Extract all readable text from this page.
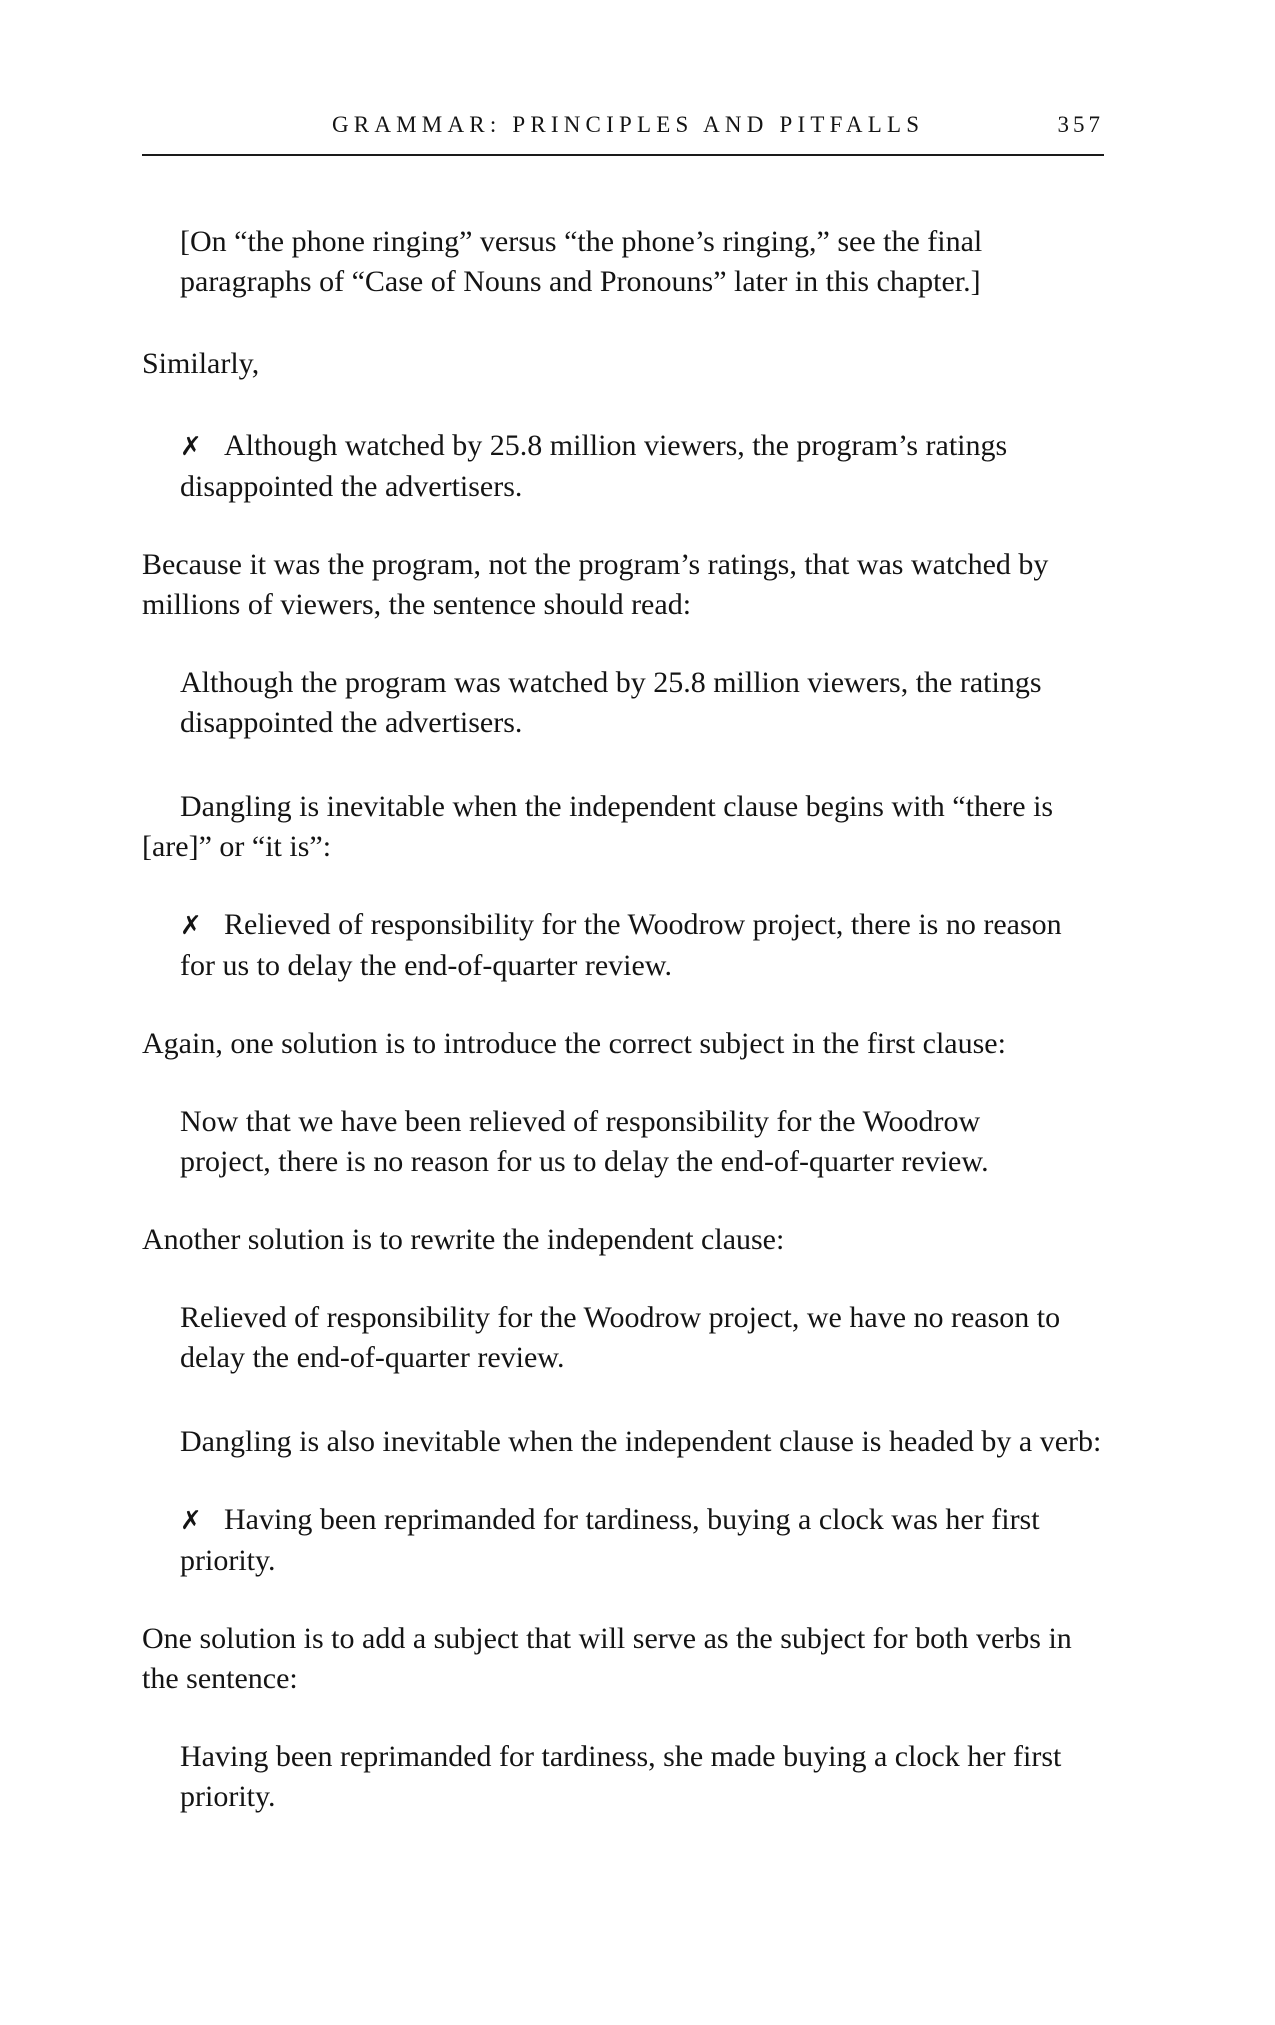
GRAMMAR: PRINCIPLES AND PITFALLS	357

[On “the phone ringing” versus “the phone’s ringing,” see the final paragraphs of “Case of Nouns and Pronouns” later in this chapter.]

Similarly,

✗ Although watched by 25.8 million viewers, the program’s ratings disappointed the advertisers.

Because it was the program, not the program’s ratings, that was watched by millions of viewers, the sentence should read:

Although the program was watched by 25.8 million viewers, the ratings disappointed the advertisers.

Dangling is inevitable when the independent clause begins with “there is [are]” or “it is”:

✗ Relieved of responsibility for the Woodrow project, there is no reason for us to delay the end-of-quarter review.

Again, one solution is to introduce the correct subject in the first clause:

Now that we have been relieved of responsibility for the Woodrow project, there is no reason for us to delay the end-of-quarter review.

Another solution is to rewrite the independent clause:

Relieved of responsibility for the Woodrow project, we have no reason to delay the end-of-quarter review.

Dangling is also inevitable when the independent clause is headed by a verb:

✗ Having been reprimanded for tardiness, buying a clock was her first priority.

One solution is to add a subject that will serve as the subject for both verbs in the sentence:

Having been reprimanded for tardiness, she made buying a clock her first priority.
